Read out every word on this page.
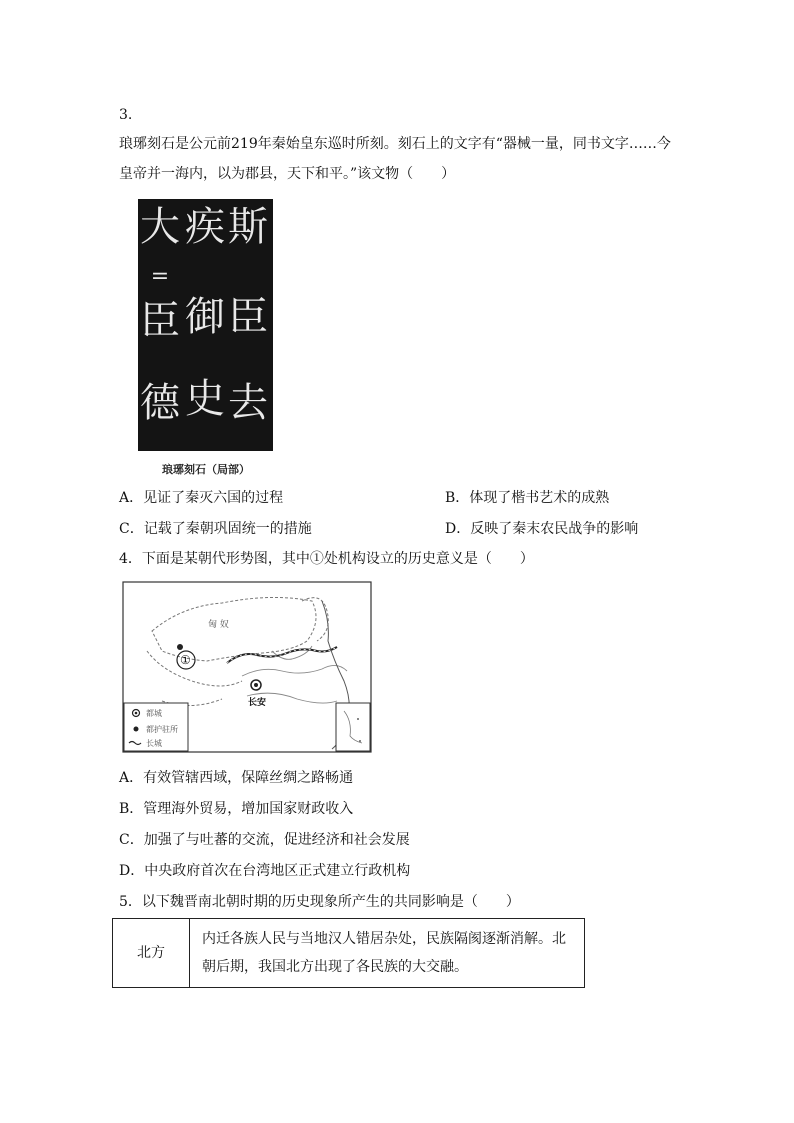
3.
琅琊刻石是公元前219年秦始皇东巡时所刻。刻石上的文字有“器械一量，同书文字……今
皇帝并一海内，以为郡县，天下和平。”该文物（　　）
斯
臣
去
疾
御
史
大
=
臣
德
琅琊刻石（局部）
A．见证了秦灭六国的过程	B．体现了楷书艺术的成熟
C．记载了秦朝巩固统一的措施	D．反映了秦末农民战争的影响
4．下面是某朝代形势图，其中①处机构设立的历史意义是（　　）
①
匈 奴
长安
都城
都护驻所
长城
A．有效管辖西域，保障丝绸之路畅通
B．管理海外贸易，增加国家财政收入
C．加强了与吐蕃的交流，促进经济和社会发展
D．中央政府首次在台湾地区正式建立行政机构
5．以下魏晋南北朝时期的历史现象所产生的共同影响是（　　）
北方	
内迁各族人民与当地汉人错居杂处，民族隔阂逐渐消解。北
朝后期，我国北方出现了各民族的大交融。
